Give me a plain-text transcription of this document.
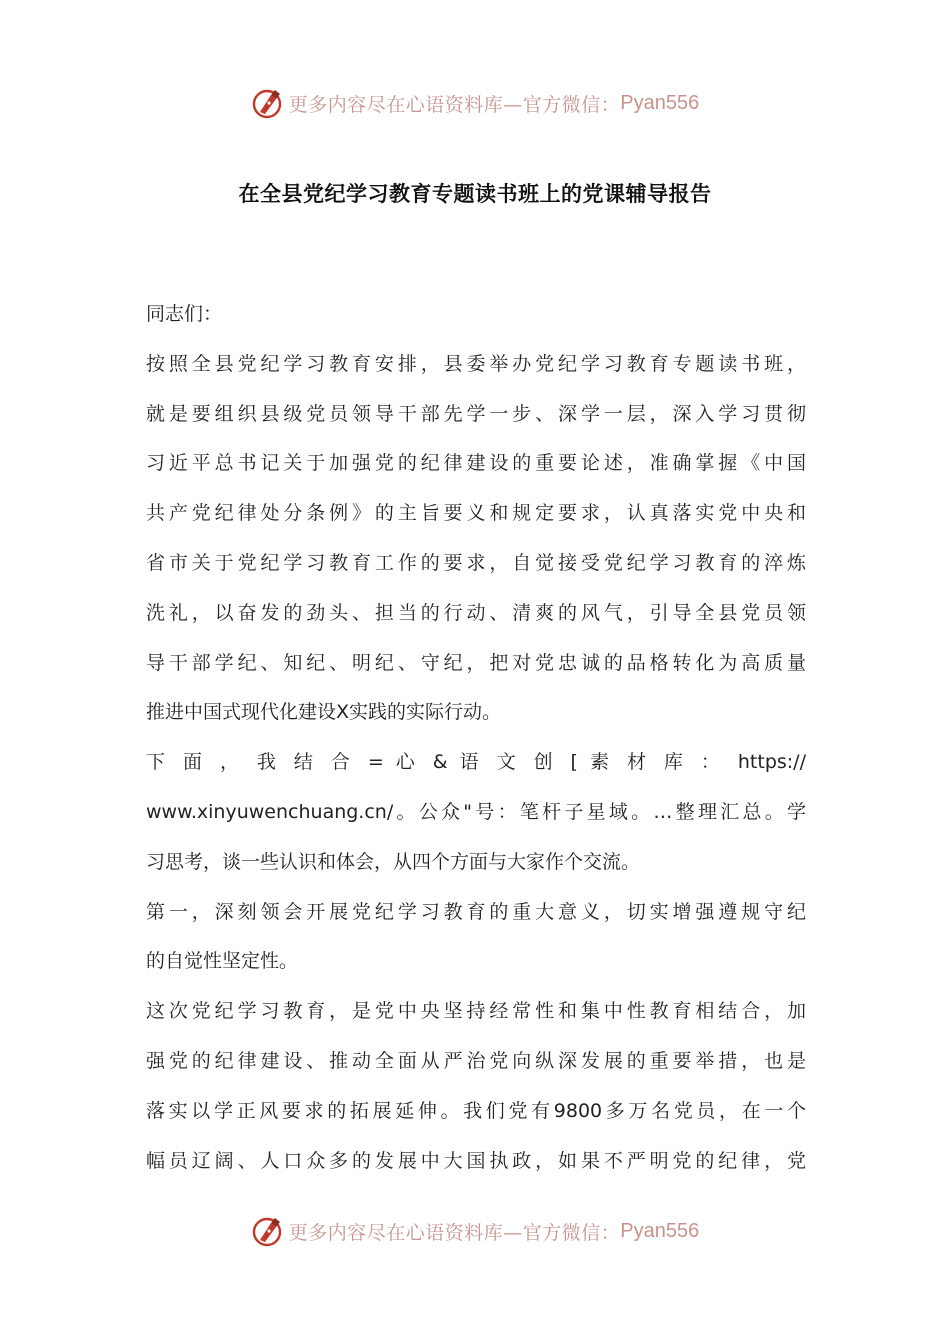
更多内容尽在心语资料库—官方微信： Pyan556
在全县党纪学习教育专题读书班上的党课辅导报告
同志们：
按照全县党纪学习教育安排，县委举办党纪学习教育专题读书班，
就是要组织县级党员领导干部先学一步、深学一层，深入学习贯彻
习近平总书记关于加强党的纪律建设的重要论述，准确掌握《中国
共产党纪律处分条例》的主旨要义和规定要求，认真落实党中央和
省市关于党纪学习教育工作的要求，自觉接受党纪学习教育的淬炼
洗礼，以奋发的劲头、担当的行动、清爽的风气，引导全县党员领
导干部学纪、知纪、明纪、守纪，把对党忠诚的品格转化为高质量
推进中国式现代化建设X实践的实际行动。
下 面 ， 我 结 合 = 心 & 语 文 创 [ 素 材 库 ： https://
www.xinyuwenchuang.cn/。公众"号：笔杆子星域。…整理汇总。学
习思考，谈一些认识和体会，从四个方面与大家作个交流。
第一，深刻领会开展党纪学习教育的重大意义，切实增强遵规守纪
的自觉性坚定性。
这次党纪学习教育，是党中央坚持经常性和集中性教育相结合，加
强党的纪律建设、推动全面从严治党向纵深发展的重要举措，也是
落实以学正风要求的拓展延伸。我们党有9800多万名党员，在一个
幅员辽阔、人口众多的发展中大国执政，如果不严明党的纪律，党
更多内容尽在心语资料库—官方微信： Pyan556
